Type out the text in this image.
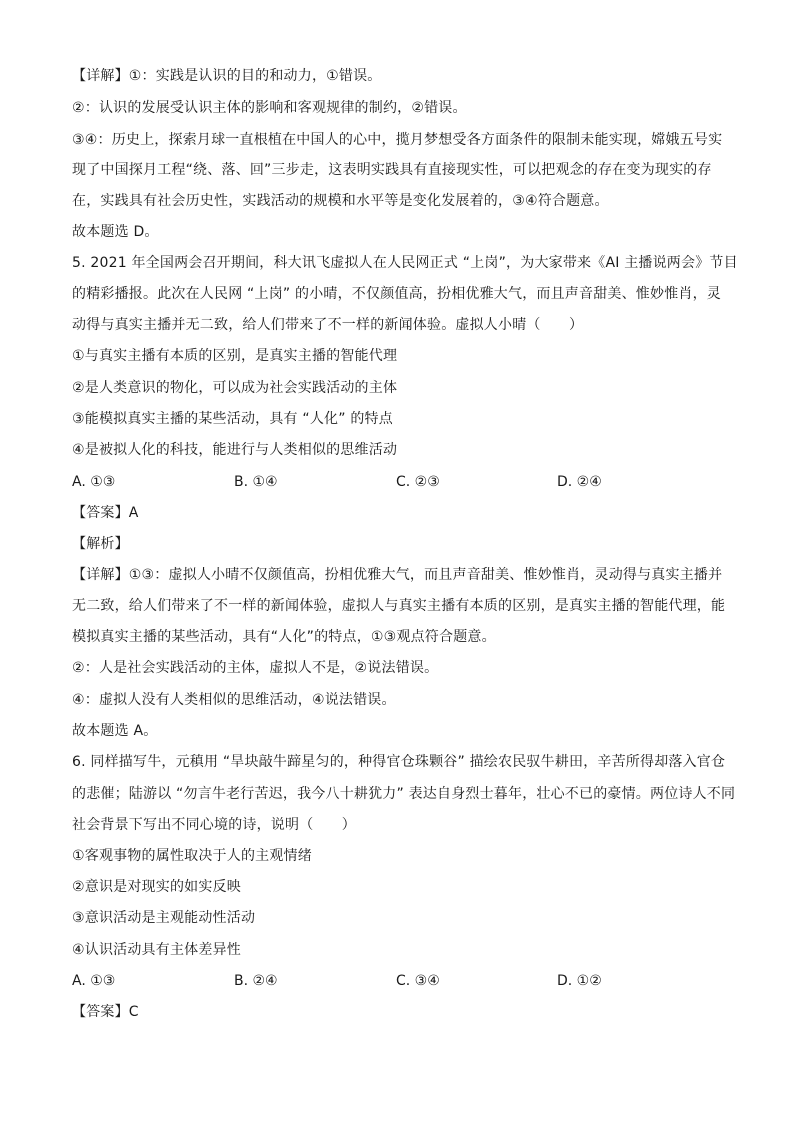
【详解】①：实践是认识的目的和动力，①错误。
②：认识的发展受认识主体的影响和客观规律的制约，②错误。
③④：历史上，探索月球一直根植在中国人的心中，揽月梦想受各方面条件的限制未能实现，嫦娥五号实
现了中国探月工程“绕、落、回”三步走，这表明实践具有直接现实性，可以把观念的存在变为现实的存
在，实践具有社会历史性，实践活动的规模和水平等是变化发展着的，③④符合题意。
故本题选 D。
5. 2021 年全国两会召开期间，科大讯飞虚拟人在人民网正式 “上岗”，为大家带来《AI 主播说两会》节目
的精彩播报。此次在人民网 “上岗” 的小晴，不仅颜值高，扮相优雅大气，而且声音甜美、惟妙惟肖，灵
动得与真实主播并无二致，给人们带来了不一样的新闻体验。虚拟人小晴（　　）
①与真实主播有本质的区别，是真实主播的智能代理
②是人类意识的物化，可以成为社会实践活动的主体
③能模拟真实主播的某些活动，具有 “人化” 的特点
④是被拟人化的科技，能进行与人类相似的思维活动
A. ①③	B. ①④	C. ②③	D. ②④
【答案】A
【解析】
【详解】①③：虚拟人小晴不仅颜值高，扮相优雅大气，而且声音甜美、惟妙惟肖，灵动得与真实主播并
无二致，给人们带来了不一样的新闻体验，虚拟人与真实主播有本质的区别，是真实主播的智能代理，能
模拟真实主播的某些活动，具有“人化”的特点，①③观点符合题意。
②：人是社会实践活动的主体，虚拟人不是，②说法错误。
④：虚拟人没有人类相似的思维活动，④说法错误。
故本题选 A。
6. 同样描写牛，元稹用 “旱块敲牛蹄星匀的，种得官仓珠颗谷” 描绘农民驭牛耕田，辛苦所得却落入官仓
的悲催；陆游以 “勿言牛老行苦迟，我今八十耕犹力” 表达自身烈士暮年，壮心不已的豪情。两位诗人不同
社会背景下写出不同心境的诗，说明（　　）
①客观事物的属性取决于人的主观情绪
②意识是对现实的如实反映
③意识活动是主观能动性活动
④认识活动具有主体差异性
A. ①③	B. ②④	C. ③④	D. ①②
【答案】C
